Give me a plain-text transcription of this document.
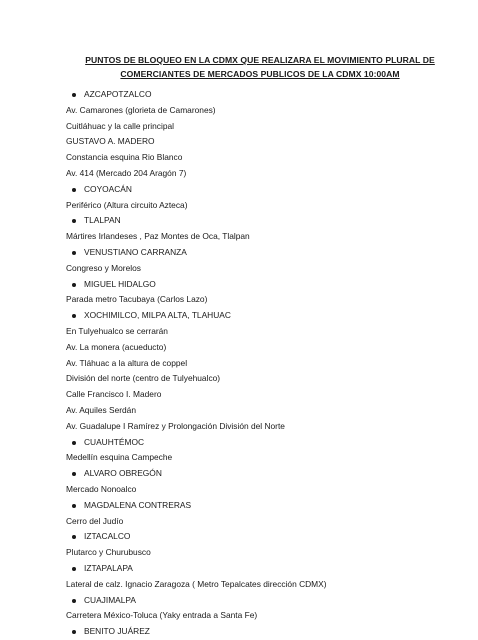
PUNTOS DE BLOQUEO EN LA CDMX QUE REALIZARA EL MOVIMIENTO PLURAL DE
COMERCIANTES DE MERCADOS PUBLICOS DE LA CDMX 10:00AM
AZCAPOTZALCO
Av. Camarones (glorieta de Camarones)
Cuitláhuac y la calle principal
GUSTAVO A. MADERO
Constancia esquina Rio Blanco
Av. 414 (Mercado 204 Aragón 7)
COYOACÁN
Periférico (Altura circuito Azteca)
TLALPAN
Mártires Irlandeses , Paz Montes de Oca, Tlalpan
VENUSTIANO CARRANZA
Congreso y Morelos
MIGUEL HIDALGO
Parada metro Tacubaya (Carlos Lazo)
XOCHIMILCO, MILPA ALTA, TLAHUAC
En Tulyehualco se cerrarán
Av. La monera (acueducto)
Av. Tláhuac a la altura de coppel
División del norte (centro de Tulyehualco)
Calle Francisco I. Madero
Av. Aquiles Serdán
Av. Guadalupe I Ramírez y Prolongación División del Norte
CUAUHTÉMOC
Medellín esquina Campeche
ALVARO OBREGÓN
Mercado Nonoalco
MAGDALENA CONTRERAS
Cerro del Judío
IZTACALCO
Plutarco y Churubusco
IZTAPALAPA
Lateral de calz. Ignacio Zaragoza ( Metro Tepalcates dirección CDMX)
CUAJIMALPA
Carretera México-Toluca (Yaky entrada a Santa Fe)
BENITO JUÁREZ
